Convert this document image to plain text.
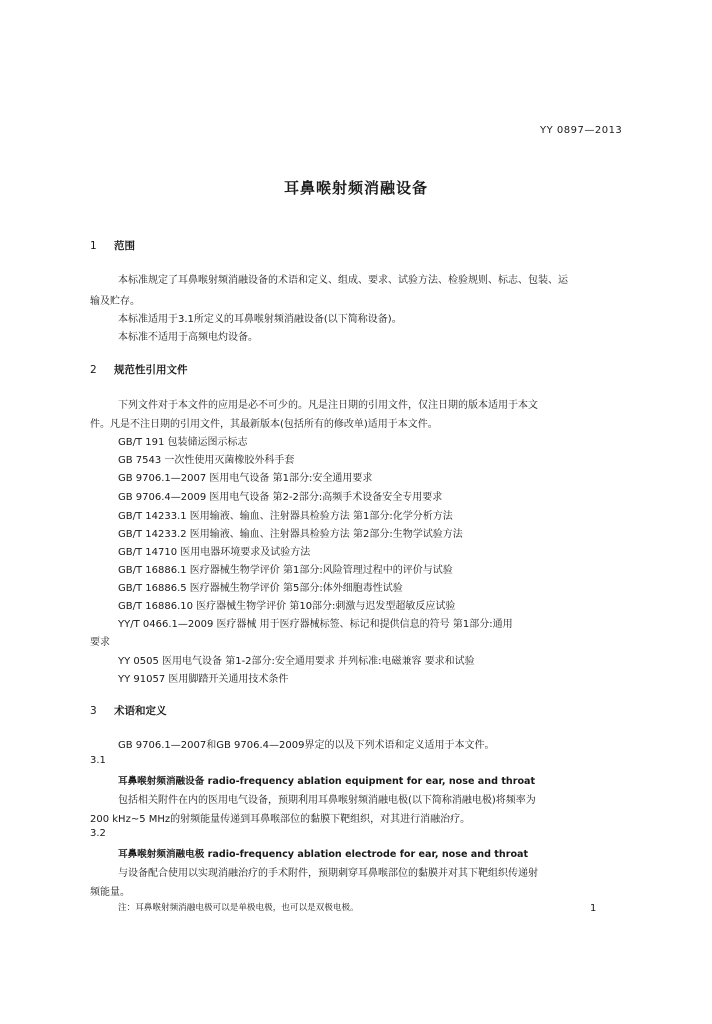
YY 0897—2013
耳鼻喉射频消融设备
1 范围
本标准规定了耳鼻喉射频消融设备的术语和定义、组成、要求、试验方法、检验规则、标志、包装、运
输及贮存。
本标准适用于3.1所定义的耳鼻喉射频消融设备(以下简称设备)。
本标准不适用于高频电灼设备。
2 规范性引用文件
下列文件对于本文件的应用是必不可少的。凡是注日期的引用文件，仅注日期的版本适用于本文
件。凡是不注日期的引用文件，其最新版本(包括所有的修改单)适用于本文件。
GB/T 191 包装储运图示标志
GB 7543 一次性使用灭菌橡胶外科手套
GB 9706.1—2007 医用电气设备 第1部分:安全通用要求
GB 9706.4—2009 医用电气设备 第2-2部分:高频手术设备安全专用要求
GB/T 14233.1 医用输液、输血、注射器具检验方法 第1部分:化学分析方法
GB/T 14233.2 医用输液、输血、注射器具检验方法 第2部分:生物学试验方法
GB/T 14710 医用电器环境要求及试验方法
GB/T 16886.1 医疗器械生物学评价 第1部分:风险管理过程中的评价与试验
GB/T 16886.5 医疗器械生物学评价 第5部分:体外细胞毒性试验
GB/T 16886.10 医疗器械生物学评价 第10部分:刺激与迟发型超敏反应试验
YY/T 0466.1—2009 医疗器械 用于医疗器械标签、标记和提供信息的符号 第1部分:通用
要求
YY 0505 医用电气设备 第1-2部分:安全通用要求 并列标准:电磁兼容 要求和试验
YY 91057 医用脚踏开关通用技术条件
3 术语和定义
GB 9706.1—2007和GB 9706.4—2009界定的以及下列术语和定义适用于本文件。
3.1
耳鼻喉射频消融设备 radio-frequency ablation equipment for ear, nose and throat
包括相关附件在内的医用电气设备，预期利用耳鼻喉射频消融电极(以下简称消融电极)将频率为
200 kHz~5 MHz的射频能量传递到耳鼻喉部位的黏膜下靶组织，对其进行消融治疗。
3.2
耳鼻喉射频消融电极 radio-frequency ablation electrode for ear, nose and throat
与设备配合使用以实现消融治疗的手术附件，预期刺穿耳鼻喉部位的黏膜并对其下靶组织传递射
频能量。
注：耳鼻喉射频消融电极可以是单极电极，也可以是双极电极。	1
